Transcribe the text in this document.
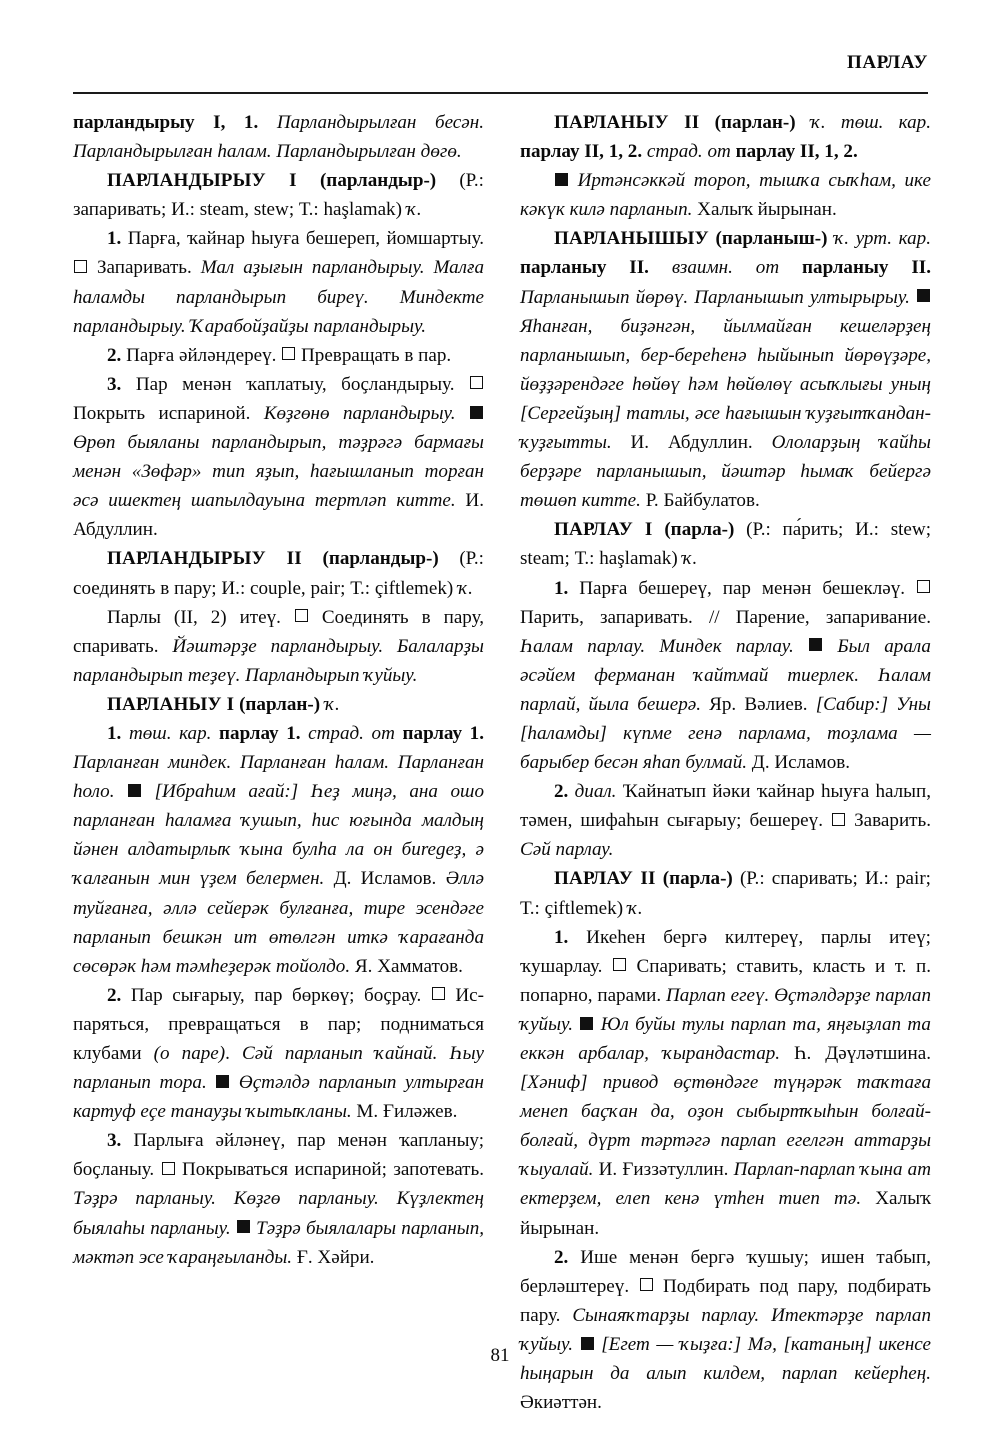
ПАРЛАУ

парландырыу I, 1. Парландырылған бесән. Парландырылған һалам. Парландырылған дөгө.

ПАРЛАНДЫРЫУ I (парландыр-) (Р.: запаривать; И.: steam, stew; Т.: haşlamak) ҡ.

1. Парға, ҡайнар һыуға бешереп, йомшартыу.  Запаривать. Мал аҙығын парландырыу. Малға һаламды парландырып биреү. Миндекте парландырыу. Ҡарабойҙайҙы парландырыу.

2. Парға әйләндереү.  Превращать в пар.

3. Пар менән ҡаплатыу, боҫландырыу.  Покрыть испариной. Көҙгөнө парландырыу.  Өрөп быяланы парландырып, тәҙрәгә бармағы менән «Зөфәр» тип яҙып, һағышланып торған әсә ишектең шапылдауына тертләп китте. И. Абдуллин.

ПАРЛАНДЫРЫУ II (парландыр-) (Р.: соединять в пару; И.: couple, pair; Т.: çiftlemek) ҡ.

Парлы (II, 2) итеү.  Соединять в пару, спаривать. Йәштәрҙе парландырыу. Балаларҙы парландырып теҙеү. Парландырып ҡуйыу.

ПАРЛАНЫУ I (парлан-) ҡ.

1. төш. кар. парлау 1. страд. от парлау 1. Парланған миндек. Парланған һалам. Парланған һоло. [Ибраһим ағай:] Һеҙ миңә, ана ошо парланған һаламға ҡушып, һис юғында малдың йәнен алдатырлыҡ ҡына булһа ла он биregеҙ, ә ҡалғанын мин үҙем белермен. Д. Исламов. Әллә туйғанға, әллә сейерәк булғанға, тире эсендәге парланып бешкән ит өтөлгән иткә ҡарағанда сөсөрәк һәм тәмһеҙерәк тойолдо. Я. Хамматов.

2. Пар сығарыу, пар бөркөү; боҫрау.  Испаряться, превращаться в пар; подниматься клубами (о паре). Сәй парланып ҡайнай. Һыу парланып тора. Өҫтәлдә парланып ултырған картуф еҫе танауҙы ҡытыҡланы. М. Ғиләжев.

3. Парлыға әйләнеү, пар менән ҡапланыу; боҫланыу.  Покрываться испариной; запотевать. Тәҙрә парланыу. Көҙгө парланыу. Күҙлектең быялаһы парланыу. Тәҙрә быялалары парланып, мәктәп эсе ҡараңғыланды. Ғ. Хәйри.

ПАРЛАНЫУ II (парлан-) ҡ. төш. кар. парлау II, 1, 2. страд. от парлау II, 1, 2.

Иртәнсәккәй тороп, тышҡа сыҡһам, ике кәкүк килә парланып. Халыҡ йырынан.

ПАРЛАНЫШЫУ (парланыш-) ҡ. урт. кар. парланыу II. взаимн. от парланыу II. Парланышып йөрөү. Парланышып ултырырыу.  Яһанған, биҙәнгән, йылмайған кешеләрҙең парланышып, бер-береһенә һыйынып йөрөүҙәре, йөҙҙәрендәге һөйөү һәм һөйөлөү асыҡлығы уның [Сергейҙың] татлы, әсе һағышын ҡуҙғытҡандан-ҡуҙғытты. И. Абдуллин. Ололарҙың ҡайһы берҙәре парланышып, йәштәр һымаҡ бейергә төшөп китте. Р. Байбулатов.

ПАРЛАУ I (парла-) (Р.: па́рить; И.: stew; steam; Т.: haşlamak) ҡ.

1. Парға бешереү, пар менән бешекләү.  Парить, запаривать. // Парение, запаривание. Һалам парлау. Миндек парлау. Был арала әсәйем ферманан ҡайтмай тиерлек. Һалам парлай, йыла бешерә. Яр. Вәлиев. [Сабир:] Уны [һаламды] күпме генә парлама, тоҙлама — барыбер бесән яһап булмай. Д. Исламов.

2. диал. Ҡайнатып йәки ҡайнар һыуға һалып, тәмен, шифаһын сығарыу; бешереү.  Заварить. Сәй парлау.

ПАРЛАУ II (парла-) (Р.: спаривать; И.: pair; Т.: çiftlemek) ҡ.

1. Икеһен бергә килтереү, парлы итеү; ҡушарлау.  Спаривать; ставить, класть и т. п. попарно, парами. Парлап егеү. Өҫтәлдәрҙе парлап ҡуйыу. Юл буйы тулы парлап та, яңғыҙлап та еккән арбалар, ҡырандастар. Һ. Дәүләтшина. [Хәниф] привод өҫтөндәге түңәрәк таҡтаға менеп баҫҡан да, оҙон сыбыртҡыһын болғай-болғай, дүрт тәртәгә парлап егелгән аттарҙы ҡыуалай. И. Ғиззәтуллин. Парлап-парлап ҡына ат ектерҙем, елеп кенә үтһен тиеп тә. Халыҡ йырынан.

2. Ише менән бергә ҡушыу; ишен табып, берләштереү.  Подбирать под пару, подбирать пару. Сынаяҡтарҙы парлау. Итектәрҙе парлап ҡуйыу. [Егет — ҡыҙға:] Мә, [катаның] икенсе һыңарын да алып килдем, парлап кейерһең. Әкиәттән.

81
